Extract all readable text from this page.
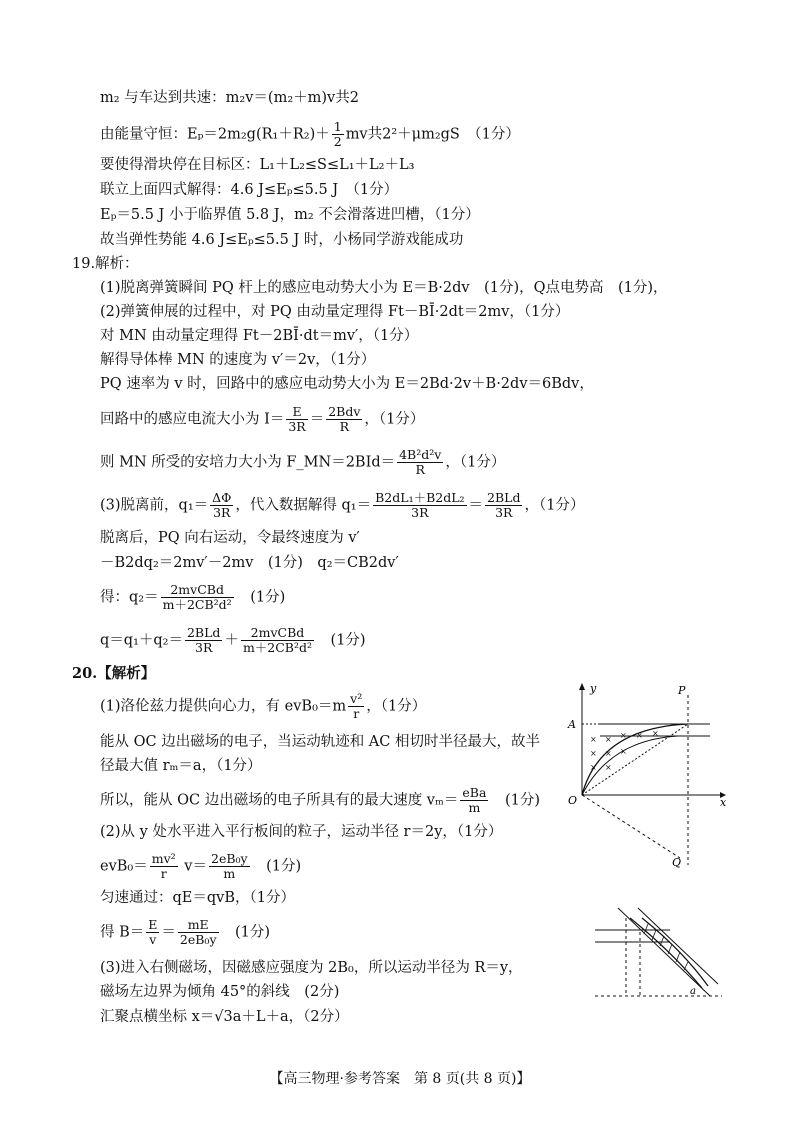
m₂ 与车达到共速：m₂v＝(m₂＋m)v共2
由能量守恒：$E_p=2m_2g(R_1+R_2)+ \frac{1}{2}$ mv共2²＋μm₂gS　（1分）
要使得滑块停在目标区：L₁＋L₂≤S≤L₁＋L₂＋L₃
联立上面四式解得：4.6 J≤Eₚ≤5.5 J　（1分）
Eₚ＝5.5 J 小于临界值 5.8 J，m₂ 不会滑落进凹槽，（1分）
故当弹性势能 4.6 J≤Eₚ≤5.5 J 时，小杨同学游戏能成功
19.解析：
(1)脱离弹簧瞬间 PQ 杆上的感应电动势大小为 E＝B·2dv　(1分)，Q点电势高　(1分)，
(2)弹簧伸展的过程中，对 PQ 由动量定理得 Ft－BĪ·2dt＝2mv，（1分）
对 MN 由动量定理得 Ft－2BĪ·dt＝mv′，（1分）
解得导体棒 MN 的速度为 v′＝2v，（1分）
PQ 速率为 v 时，回路中的感应电动势大小为 E＝2Bd·2v＋B·2dv＝6Bdv，
回路中的感应电流大小为 $I= \frac{E}{3R} = \frac{\text{2Bdv}}{R}$ ，（1分）
则 MN 所受的安培力大小为 F_MN＝2BId＝ $\frac{\text{4B²d²v}}{R}$ ，（1分）
(3)脱离前，$q_1= \frac{\Delta\Phi}{3R}$ ，代入数据解得 $q_1= \frac{\text{B2dL₁＋B2dL₂}}{3R} = \frac{\text{2BLd}}{3R}$ ，（1分）
脱离后，PQ 向右运动，令最终速度为 v′
－B2dq₂＝2mv′－2mv　(1分)　q₂＝CB2dv′
得：$q_2= \frac{\text{2mvCBd}}{\text{m＋2CB²d²}}$ 　(1分)
$q=q_1+q_2= \frac{\text{2BLd}}{3R} + \frac{\text{2mvCBd}}{\text{m＋2CB²d²}}$ 　(1分)
20.【解析】
(1)洛伦兹力提供向心力，有 $evB_0=m \frac{\text{v²}}{r}$ ，（1分）
能从 OC 边出磁场的电子，当运动轨迹和 AC 相切时半径最大，故半
径最大值 rₘ＝a，（1分）
所以，能从 OC 边出磁场的电子所具有的最大速度 $v_m= \frac{\text{eBa}}{m}$ 　(1分)
(2)从 y 处水平进入平行板间的粒子，运动半径 r＝2y，（1分）
$evB_0= \frac{\text{mv²}}{r} v= \frac{\text{2eB₀y}}{m}$ 　(1分)
匀速通过：qE＝qvB，（1分）
得 $B= \frac{E}{v} = \frac{mE}{\text{2eB₀y}}$ 　(1分)
(3)进入右侧磁场，因磁感应强度为 2B₀，所以运动半径为 R＝y，
磁场左边界为倾角 45°的斜线　(2分)
汇聚点横坐标 x＝√3a＋L＋a，（2分）
× × × × ×
× × ×
× ×
y	P
A
O	x
Q
a
【高三物理·参考答案　第 8 页(共 8 页)】
